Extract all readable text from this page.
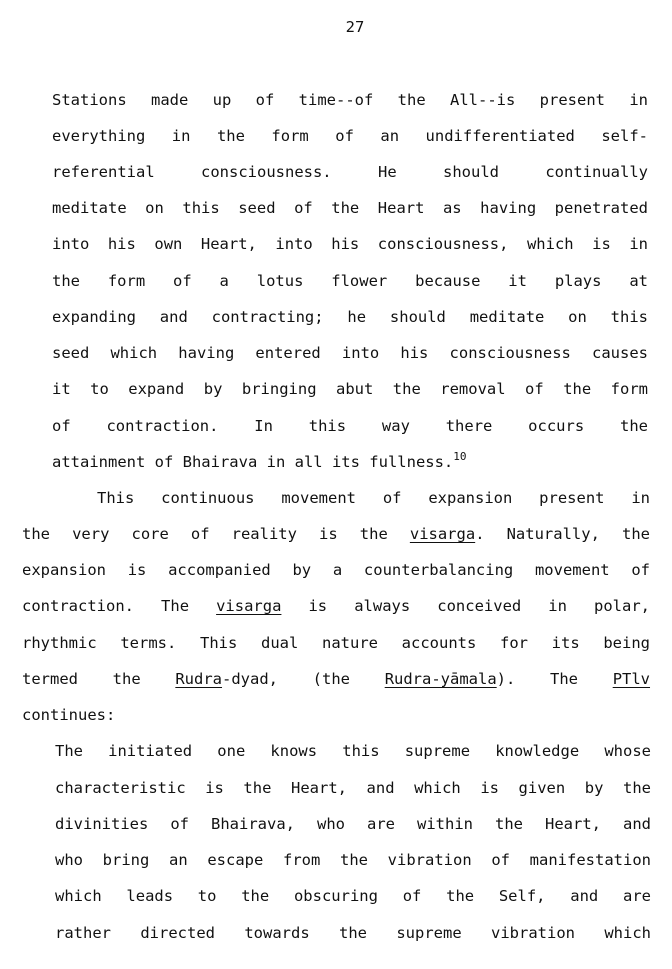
27
Stations made up of time--of the All--is present in
everything in the form of an undifferentiated self-
referential consciousness. He should continually
meditate on this seed of the Heart as having penetrated
into his own Heart, into his consciousness, which is in
the form of a lotus flower because it plays at
expanding and contracting; he should meditate on this
seed which having entered into his consciousness causes
it to expand by bringing abut the removal of the form
of contraction. In this way there occurs the
attainment of Bhairava in all its fullness.$^{10}$
This continuous movement of expansion present in
the very core of reality is the visarga. Naturally, the
expansion is accompanied by a counterbalancing movement of
contraction. The visarga is always conceived in polar,
rhythmic terms. This dual nature accounts for its being
termed the Rudra-dyad, (the Rudra-yāmala). The PTlv
continues:
The initiated one knows this supreme knowledge whose
characteristic is the Heart, and which is given by the
divinities of Bhairava, who are within the Heart, and
who bring an escape from the vibration of manifestation
which leads to the obscuring of the Self, and are
rather directed towards the supreme vibration which
